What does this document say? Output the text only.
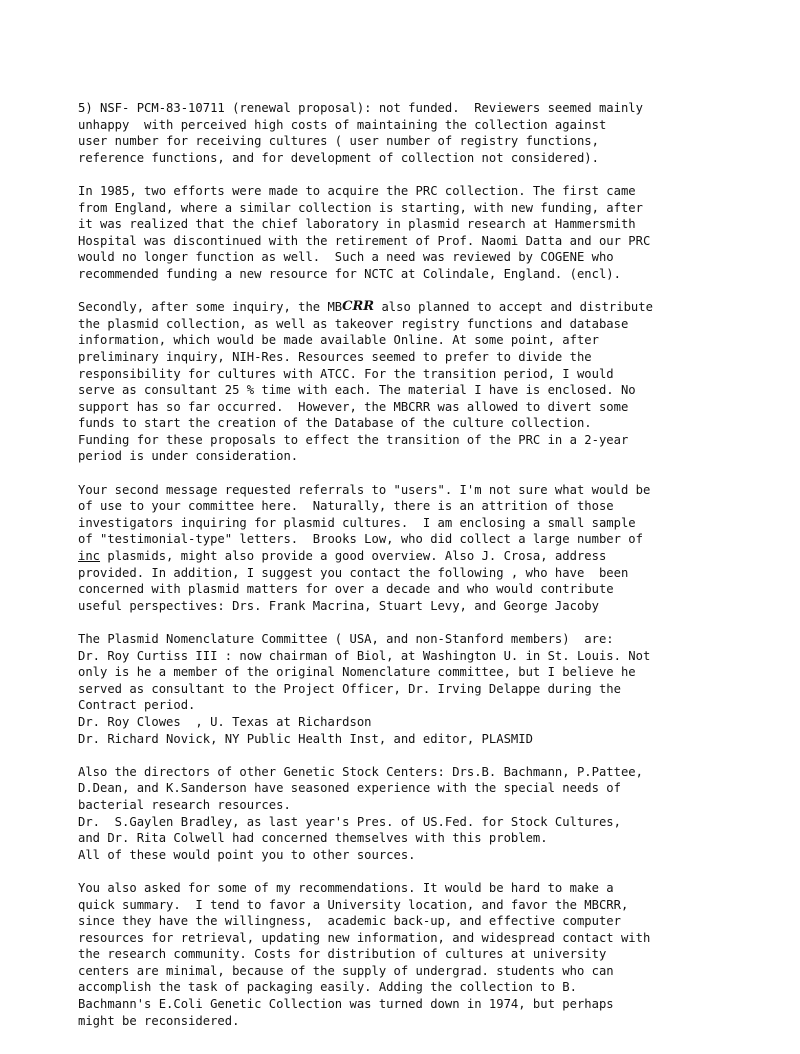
5) NSF- PCM-83-10711 (renewal proposal): not funded.  Reviewers seemed mainly
unhappy  with perceived high costs of maintaining the collection against
user number for receiving cultures ( user number of registry functions,
reference functions, and for development of collection not considered).
In 1985, two efforts were made to acquire the PRC collection. The first came
from England, where a similar collection is starting, with new funding, after
it was realized that the chief laboratory in plasmid research at Hammersmith
Hospital was discontinued with the retirement of Prof. Naomi Datta and our PRC
would no longer function as well.  Such a need was reviewed by COGENE who
recommended funding a new resource for NCTC at Colindale, England. (encl).
Secondly, after some inquiry, the MBCRR also planned to accept and distribute
the plasmid collection, as well as takeover registry functions and database
information, which would be made available Online. At some point, after
preliminary inquiry, NIH-Res. Resources seemed to prefer to divide the
responsibility for cultures with ATCC. For the transition period, I would
serve as consultant 25 % time with each. The material I have is enclosed. No
support has so far occurred.  However, the MBCRR was allowed to divert some
funds to start the creation of the Database of the culture collection.
Funding for these proposals to effect the transition of the PRC in a 2-year
period is under consideration.
Your second message requested referrals to "users". I'm not sure what would be
of use to your committee here.  Naturally, there is an attrition of those
investigators inquiring for plasmid cultures.  I am enclosing a small sample
of "testimonial-type" letters.  Brooks Low, who did collect a large number of
inc plasmids, might also provide a good overview. Also J. Crosa, address
provided. In addition, I suggest you contact the following , who have  been
concerned with plasmid matters for over a decade and who would contribute
useful perspectives: Drs. Frank Macrina, Stuart Levy, and George Jacoby
The Plasmid Nomenclature Committee ( USA, and non-Stanford members)  are:
Dr. Roy Curtiss III : now chairman of Biol, at Washington U. in St. Louis. Not
only is he a member of the original Nomenclature committee, but I believe he
served as consultant to the Project Officer, Dr. Irving Delappe during the
Contract period.
Dr. Roy Clowes  , U. Texas at Richardson
Dr. Richard Novick, NY Public Health Inst, and editor, PLASMID
Also the directors of other Genetic Stock Centers: Drs.B. Bachmann, P.Pattee,
D.Dean, and K.Sanderson have seasoned experience with the special needs of
bacterial research resources.
Dr.  S.Gaylen Bradley, as last year's Pres. of US.Fed. for Stock Cultures,
and Dr. Rita Colwell had concerned themselves with this problem.
All of these would point you to other sources.
You also asked for some of my recommendations. It would be hard to make a
quick summary.  I tend to favor a University location, and favor the MBCRR,
since they have the willingness,  academic back-up, and effective computer
resources for retrieval, updating new information, and widespread contact with
the research community. Costs for distribution of cultures at university
centers are minimal, because of the supply of undergrad. students who can
accomplish the task of packaging easily. Adding the collection to B.
Bachmann's E.Coli Genetic Collection was turned down in 1974, but perhaps
might be reconsidered.
